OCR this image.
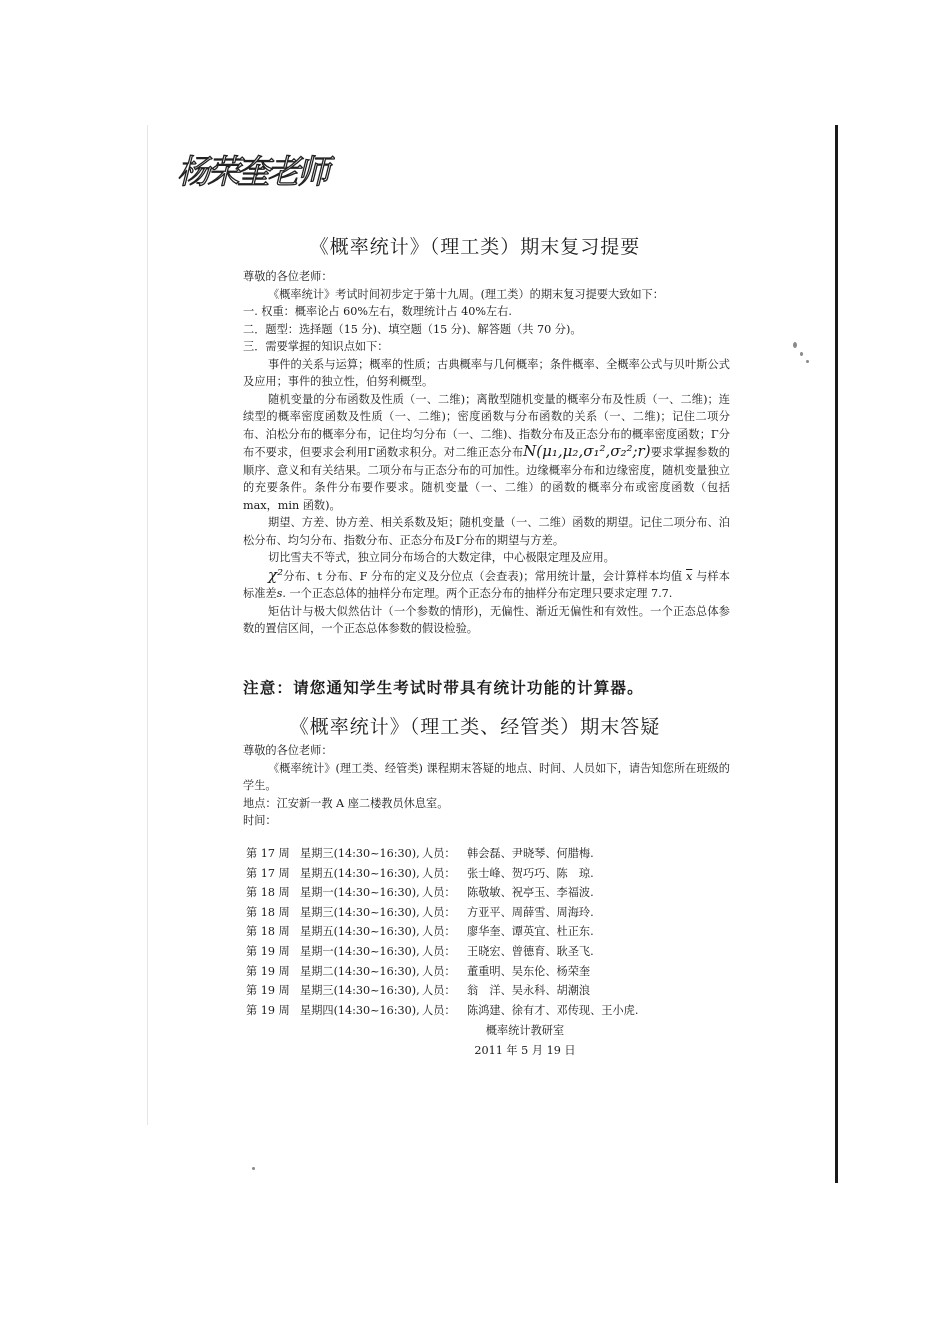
杨荣奎老师
《概率统计》（理工类）期末复习提要

尊敬的各位老师：

《概率统计》考试时间初步定于第十九周。(理工类）的期末复习提要大致如下：

一. 权重：概率论占 60%左右，数理统计占 40%左右.

二．题型：选择题（15 分)、填空题（15 分)、解答题（共 70 分)。

三．需要掌握的知识点如下：

事件的关系与运算；概率的性质；古典概率与几何概率；条件概率、全概率公式与贝叶斯公式及应用；事件的独立性，伯努利概型。

随机变量的分布函数及性质（一、二维)；离散型随机变量的概率分布及性质（一、二维)；连续型的概率密度函数及性质（一、二维)；密度函数与分布函数的关系（一、二维)；记住二项分布、泊松分布的概率分布，记住均匀分布（一、二维)、指数分布及正态分布的概率密度函数；Γ分布不要求，但要求会利用Γ函数求积分。对二维正态分布N(μ₁,μ₂,σ₁²,σ₂²;r)要求掌握参数的顺序、意义和有关结果。二项分布与正态分布的可加性。边缘概率分布和边缘密度，随机变量独立的充要条件。条件分布要作要求。随机变量（一、二维）的函数的概率分布或密度函数（包括 max，min 函数)。

期望、方差、协方差、相关系数及矩；随机变量（一、二维）函数的期望。记住二项分布、泊松分布、均匀分布、指数分布、正态分布及Γ分布的期望与方差。

切比雪夫不等式，独立同分布场合的大数定律，中心极限定理及应用。

χ²分布、t 分布、F 分布的定义及分位点（会查表)；常用统计量，会计算样本均值 $\overline{x}$ 与样本标准差s. 一个正态总体的抽样分布定理。两个正态分布的抽样分布定理只要求定理 7.7.

矩估计与极大似然估计（一个参数的情形)，无偏性、渐近无偏性和有效性。一个正态总体参数的置信区间，一个正态总体参数的假设检验。

注意：请您通知学生考试时带具有统计功能的计算器。
《概率统计》（理工类、经管类）期末答疑

尊敬的各位老师：

《概率统计》(理工类、经管类) 课程期末答疑的地点、时间、人员如下，请告知您所在班级的学生。

地点：江安新一教 A 座二楼教员休息室。

时间：

第 17 周 星期三(14:30~16:30), 人员：	韩会磊、尹晓琴、何腊梅.
第 17 周 星期五(14:30~16:30), 人员：	张士峰、贺巧巧、陈　琼.
第 18 周 星期一(14:30~16:30), 人员：	陈敬敏、祝亭玉、李福波.
第 18 周 星期三(14:30~16:30), 人员：	方亚平、周薛雪、周海玲.
第 18 周 星期五(14:30~16:30), 人员：	廖华奎、谭英宜、杜正东.
第 19 周 星期一(14:30~16:30), 人员：	王晓宏、曾德育、耿圣飞.
第 19 周 星期二(14:30~16:30), 人员：	董重明、吴东伦、杨荣奎
第 19 周 星期三(14:30~16:30), 人员：	翁　洋、吴永科、胡潮浪
第 19 周 星期四(14:30~16:30), 人员：	陈鸿建、徐有才、邓传现、王小虎.
概率统计教研室
2011 年 5 月 19 日
